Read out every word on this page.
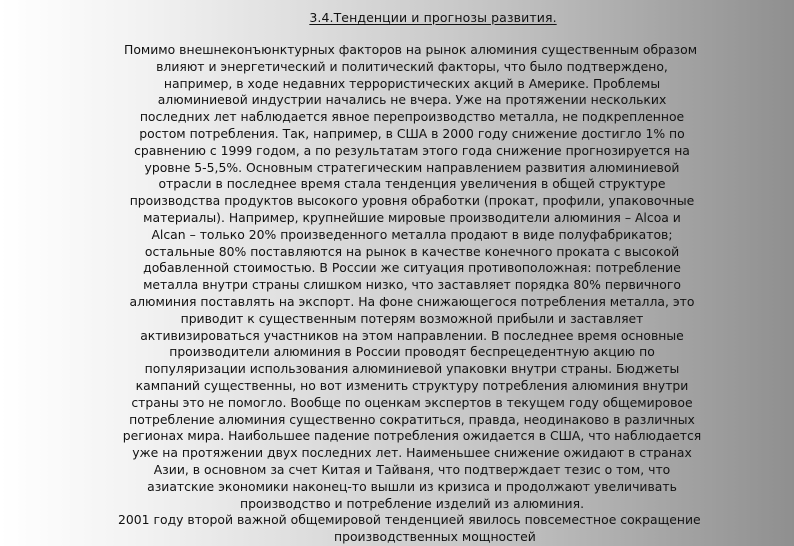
3.4.Тенденции и прогнозы развития.
Помимо внешнеконъюнктурных факторов на рынок алюминия существенным образом
влияют и энергетический и политический факторы, что было подтверждено,
например, в ходе недавних террористических акций в Америке. Проблемы
алюминиевой индустрии начались не вчера. Уже на протяжении нескольких
последних лет наблюдается явное перепроизводство металла, не подкрепленное
ростом потребления. Так, например, в США в 2000 году снижение достигло 1% по
сравнению с 1999 годом, а по результатам этого года снижение прогнозируется на
уровне 5-5,5%. Основным стратегическим направлением развития алюминиевой
отрасли в последнее время стала тенденция увеличения в общей структуре
производства продуктов высокого уровня обработки (прокат, профили, упаковочные
материалы). Например, крупнейшие мировые производители алюминия – Alcoa и
Alcan – только 20% произведенного металла продают в виде полуфабрикатов;
остальные 80% поставляются на рынок в качестве конечного проката с высокой
добавленной стоимостью. В России же ситуация противоположная: потребление
металла внутри страны слишком низко, что заставляет порядка 80% первичного
алюминия поставлять на экспорт. На фоне снижающегося потребления металла, это
приводит к существенным потерям возможной прибыли и заставляет
активизироваться участников на этом направлении. В последнее время основные
производители алюминия в России проводят беспрецедентную акцию по
популяризации использования алюминиевой упаковки внутри страны. Бюджеты
кампаний существенны, но вот изменить структуру потребления алюминия внутри
страны это не помогло. Вообще по оценкам экспертов в текущем году общемировое
потребление алюминия существенно сократиться, правда, неодинаково в различных
регионах мира. Наибольшее падение потребления ожидается в США, что наблюдается
уже на протяжении двух последних лет. Наименьшее снижение ожидают в странах
Азии, в основном за счет Китая и Тайваня, что подтверждает тезис о том, что
азиатские экономики наконец-то вышли из кризиса и продолжают увеличивать
производство и потребление изделий из алюминия.
2001 году второй важной общемировой тенденцией явилось повсеместное сокращение
производственных мощностей
